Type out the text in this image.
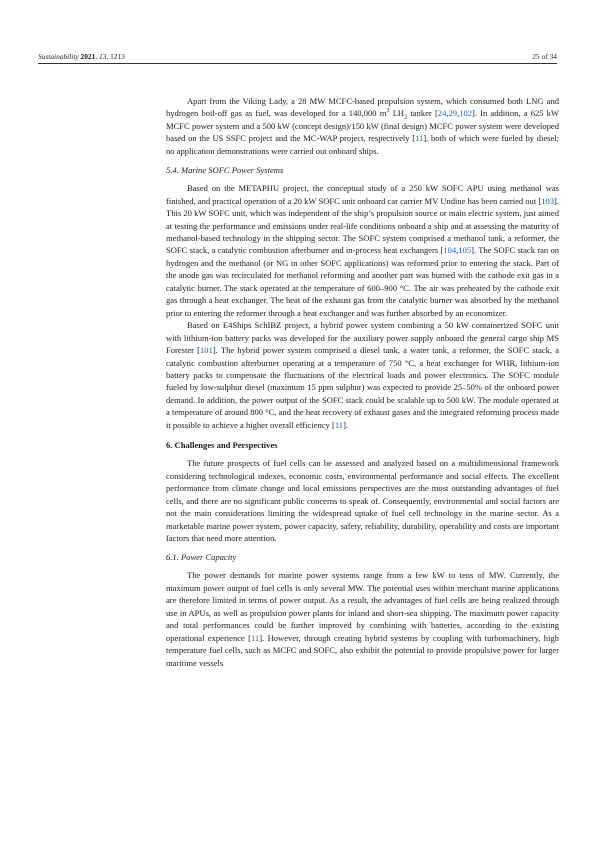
Sustainability 2021, 13, 1213	25 of 34

Apart from the Viking Lady, a 28 MW MCFC-based propulsion system, which consumed both LNG and hydrogen boil-off gas as fuel, was developed for a 140,000 $m^3$ $LH_2$ tanker [24,29,102]. In addition, a 625 kW MCFC power system and a 500 kW (concept design)/150 kW (final design) MCFC power system were developed based on the US SSFC project and the MC-WAP project, respectively [11], both of which were fueled by diesel; no application demonstrations were carried out onboard ships.

5.4. Marine SOFC Power Systems

Based on the METAPHU project, the conceptual study of a 250 kW SOFC APU using methanol was finished, and practical operation of a 20 kW SOFC unit onboard car carrier MV Undine has been carried out [103]. This 20 kW SOFC unit, which was independent of the ship’s propulsion source or main electric system, just aimed at testing the performance and emissions under real-life conditions onboard a ship and at assessing the maturity of methanol-based technology in the shipping sector. The SOFC system comprised a methanol tank, a reformer, the SOFC stack, a catalytic combustion afterburner and in-process heat exchangers [104,105]. The SOFC stack ran on hydrogen and the methanol (or NG in other SOFC applications) was reformed prior to entering the stack. Part of the anode gas was recirculated for methanol reforming and another part was burned with the cathode exit gas in a catalytic burner. The stack operated at the temperature of 600–900 °C. The air was preheated by the cathode exit gas through a heat exchanger. The heat of the exhaust gas from the catalytic burner was absorbed by the methanol prior to entering the reformer through a heat exchanger and was further absorbed by an economizer.

Based on E4Ships SchIBZ project, a hybrid power system combining a 50 kW containerized SOFC unit with lithium-ion battery packs was developed for the auxiliary power supply onboard the general cargo ship MS Forester [101]. The hybrid power system comprised a diesel tank, a water tank, a reformer, the SOFC stack, a catalytic combustion afterburner operating at a temperature of 750 °C, a heat exchanger for WHR, lithium-ion battery packs to compensate the fluctuations of the electrical loads and power electronics. The SOFC module fueled by low-sulphur diesel (maximum 15 ppm sulphur) was expected to provide 25–50% of the onboard power demand. In addition, the power output of the SOFC stack could be scalable up to 500 kW. The module operated at a temperature of around 800 °C, and the heat recovery of exhaust gases and the integrated reforming process made it possible to achieve a higher overall efficiency [11].

6. Challenges and Perspectives

The future prospects of fuel cells can be assessed and analyzed based on a multidimensional framework considering technological indexes, economic costs, environmental performance and social effects. The excellent performance from climate change and local emissions perspectives are the most outstanding advantages of fuel cells, and there are no significant public concerns to speak of. Consequently, environmental and social factors are not the main considerations limiting the widespread uptake of fuel cell technology in the marine sector. As a marketable marine power system, power capacity, safety, reliability, durability, operability and costs are important factors that need more attention.

6.1. Power Capacity

The power demands for marine power systems range from a few kW to tens of MW. Currently, the maximum power output of fuel cells is only several MW. The potential uses within merchant marine applications are therefore limited in terms of power output. As a result, the advantages of fuel cells are being realized through use in APUs, as well as propulsion power plants for inland and short-sea shipping. The maximum power capacity and total performances could be further improved by combining with batteries, according to the existing operational experience [11]. However, through creating hybrid systems by coupling with turbomachinery, high temperature fuel cells, such as MCFC and SOFC, also exhibit the potential to provide propulsive power for larger maritime vessels
